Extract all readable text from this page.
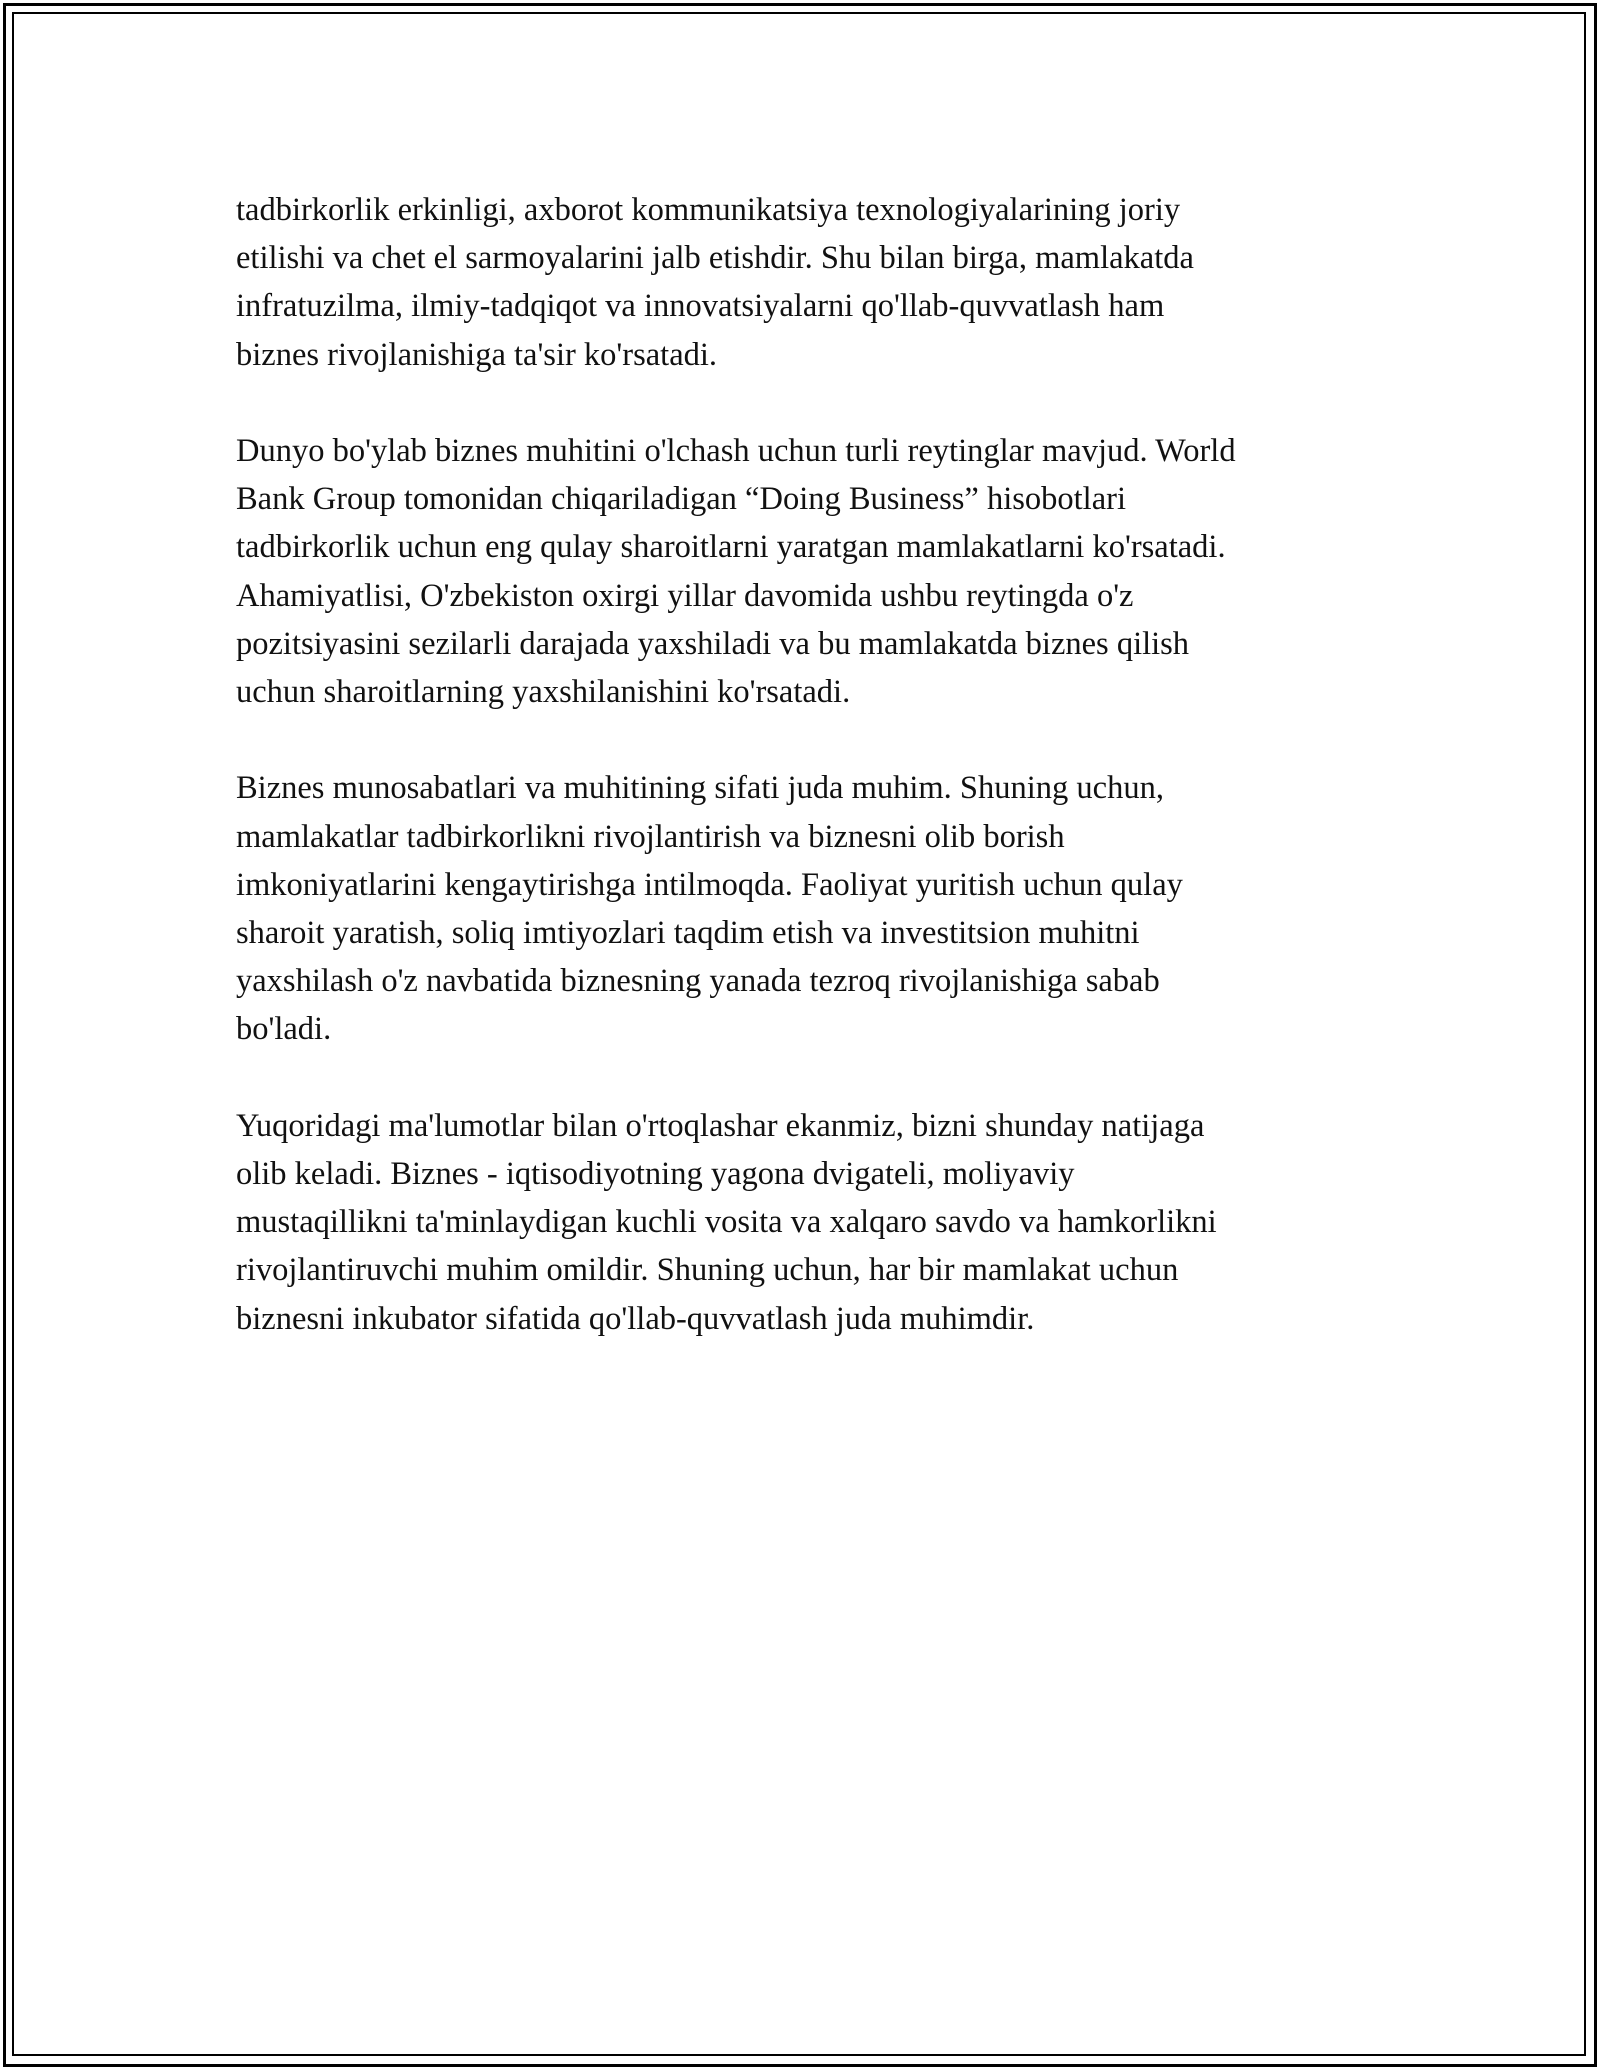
tadbirkorlik erkinligi, axborot kommunikatsiya texnologiyalarining joriy
etilishi va chet el sarmoyalarini jalb etishdir. Shu bilan birga, mamlakatda
infratuzilma, ilmiy-tadqiqot va innovatsiyalarni qo'llab-quvvatlash ham
biznes rivojlanishiga ta'sir ko'rsatadi.

Dunyo bo'ylab biznes muhitini o'lchash uchun turli reytinglar mavjud. World
Bank Group tomonidan chiqariladigan “Doing Business” hisobotlari
tadbirkorlik uchun eng qulay sharoitlarni yaratgan mamlakatlarni ko'rsatadi.
Ahamiyatlisi, O'zbekiston oxirgi yillar davomida ushbu reytingda o'z
pozitsiyasini sezilarli darajada yaxshiladi va bu mamlakatda biznes qilish
uchun sharoitlarning yaxshilanishini ko'rsatadi.

Biznes munosabatlari va muhitining sifati juda muhim. Shuning uchun,
mamlakatlar tadbirkorlikni rivojlantirish va biznesni olib borish
imkoniyatlarini kengaytirishga intilmoqda. Faoliyat yuritish uchun qulay
sharoit yaratish, soliq imtiyozlari taqdim etish va investitsion muhitni
yaxshilash o'z navbatida biznesning yanada tezroq rivojlanishiga sabab
bo'ladi.

Yuqoridagi ma'lumotlar bilan o'rtoqlashar ekanmiz, bizni shunday natijaga
olib keladi. Biznes - iqtisodiyotning yagona dvigateli, moliyaviy
mustaqillikni ta'minlaydigan kuchli vosita va xalqaro savdo va hamkorlikni
rivojlantiruvchi muhim omildir. Shuning uchun, har bir mamlakat uchun
biznesni inkubator sifatida qo'llab-quvvatlash juda muhimdir.
